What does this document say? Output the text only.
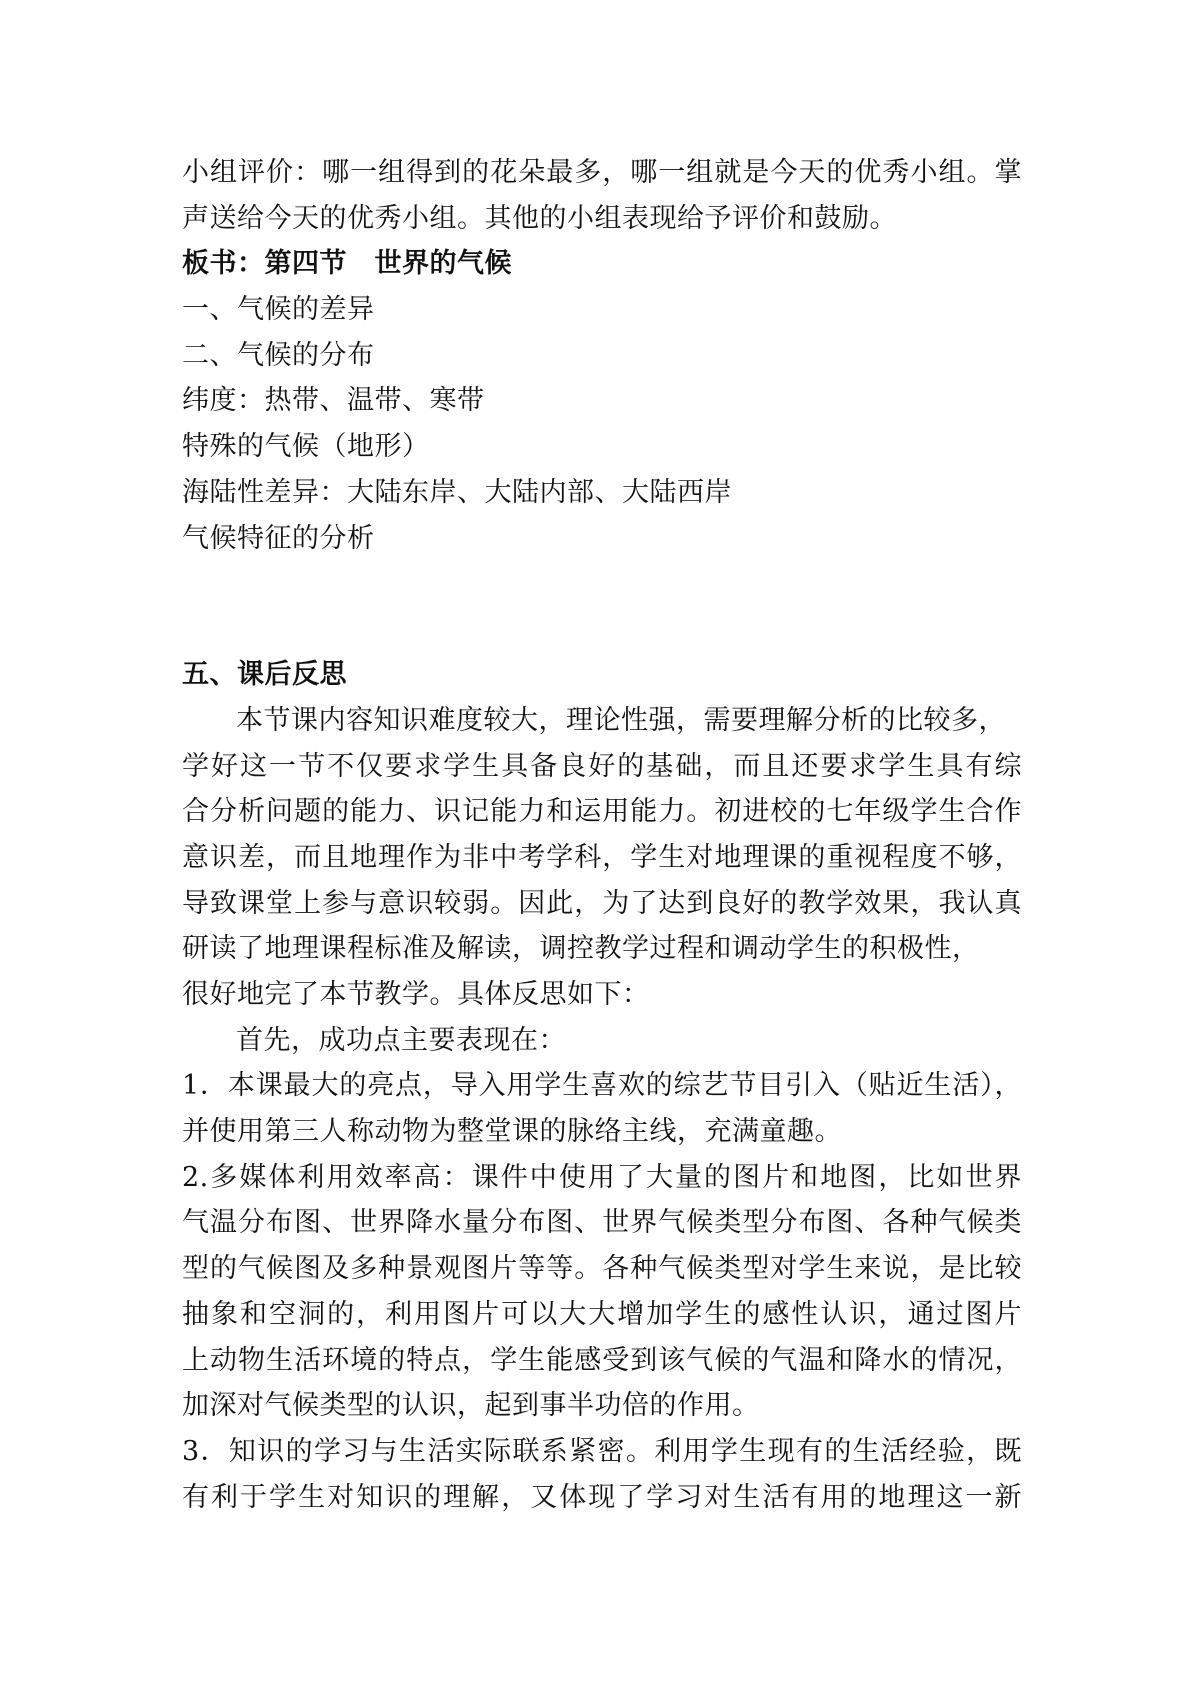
小组评价：哪一组得到的花朵最多，哪一组就是今天的优秀小组。掌
声送给今天的优秀小组。其他的小组表现给予评价和鼓励。
板书：第四节　世界的气候
一、气候的差异
二、气候的分布
纬度：热带、温带、寒带
特殊的气候（地形）
海陆性差异：大陆东岸、大陆内部、大陆西岸
气候特征的分析
五、课后反思
本节课内容知识难度较大，理论性强，需要理解分析的比较多，
学好这一节不仅要求学生具备良好的基础，而且还要求学生具有综
合分析问题的能力、识记能力和运用能力。初进校的七年级学生合作
意识差，而且地理作为非中考学科，学生对地理课的重视程度不够，
导致课堂上参与意识较弱。因此，为了达到良好的教学效果，我认真
研读了地理课程标准及解读，调控教学过程和调动学生的积极性，
很好地完了本节教学。具体反思如下：
首先，成功点主要表现在：
1．本课最大的亮点，导入用学生喜欢的综艺节目引入（贴近生活），
并使用第三人称动物为整堂课的脉络主线，充满童趣。
2.多媒体利用效率高：课件中使用了大量的图片和地图，比如世界
气温分布图、世界降水量分布图、世界气候类型分布图、各种气候类
型的气候图及多种景观图片等等。各种气候类型对学生来说，是比较
抽象和空洞的，利用图片可以大大增加学生的感性认识，通过图片
上动物生活环境的特点，学生能感受到该气候的气温和降水的情况，
加深对气候类型的认识，起到事半功倍的作用。
3．知识的学习与生活实际联系紧密。利用学生现有的生活经验，既
有利于学生对知识的理解，又体现了学习对生活有用的地理这一新
